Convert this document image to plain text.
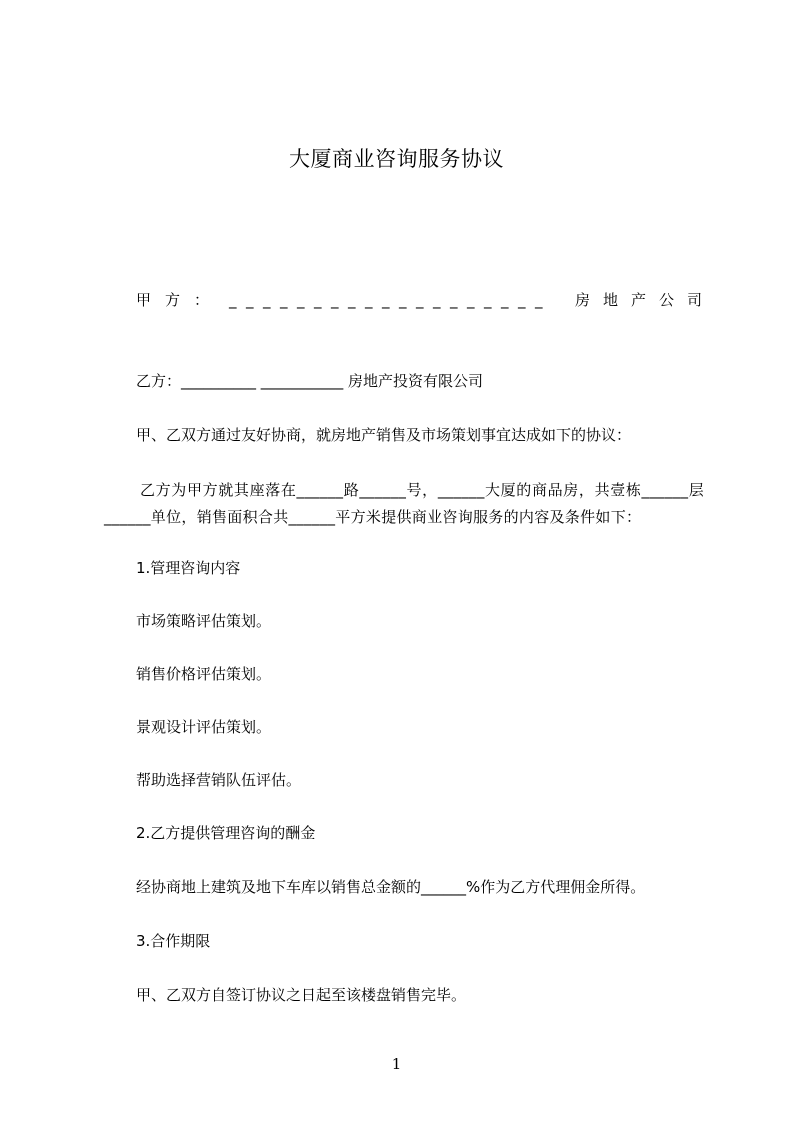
大厦商业咨询服务协议
甲方： ___________________ 房地产公司
乙方：__________ ___________ 房地产投资有限公司
甲、乙双方通过友好协商，就房地产销售及市场策划事宜达成如下的协议：
乙方为甲方就其座落在______路______号，______大厦的商品房，共壹栋______层______单位，销售面积合共______平方米提供商业咨询服务的内容及条件如下：
1.管理咨询内容
市场策略评估策划。
销售价格评估策划。
景观设计评估策划。
帮助选择营销队伍评估。
2.乙方提供管理咨询的酬金
经协商地上建筑及地下车库以销售总金额的______%作为乙方代理佣金所得。
3.合作期限
甲、乙双方自签订协议之日起至该楼盘销售完毕。
1
